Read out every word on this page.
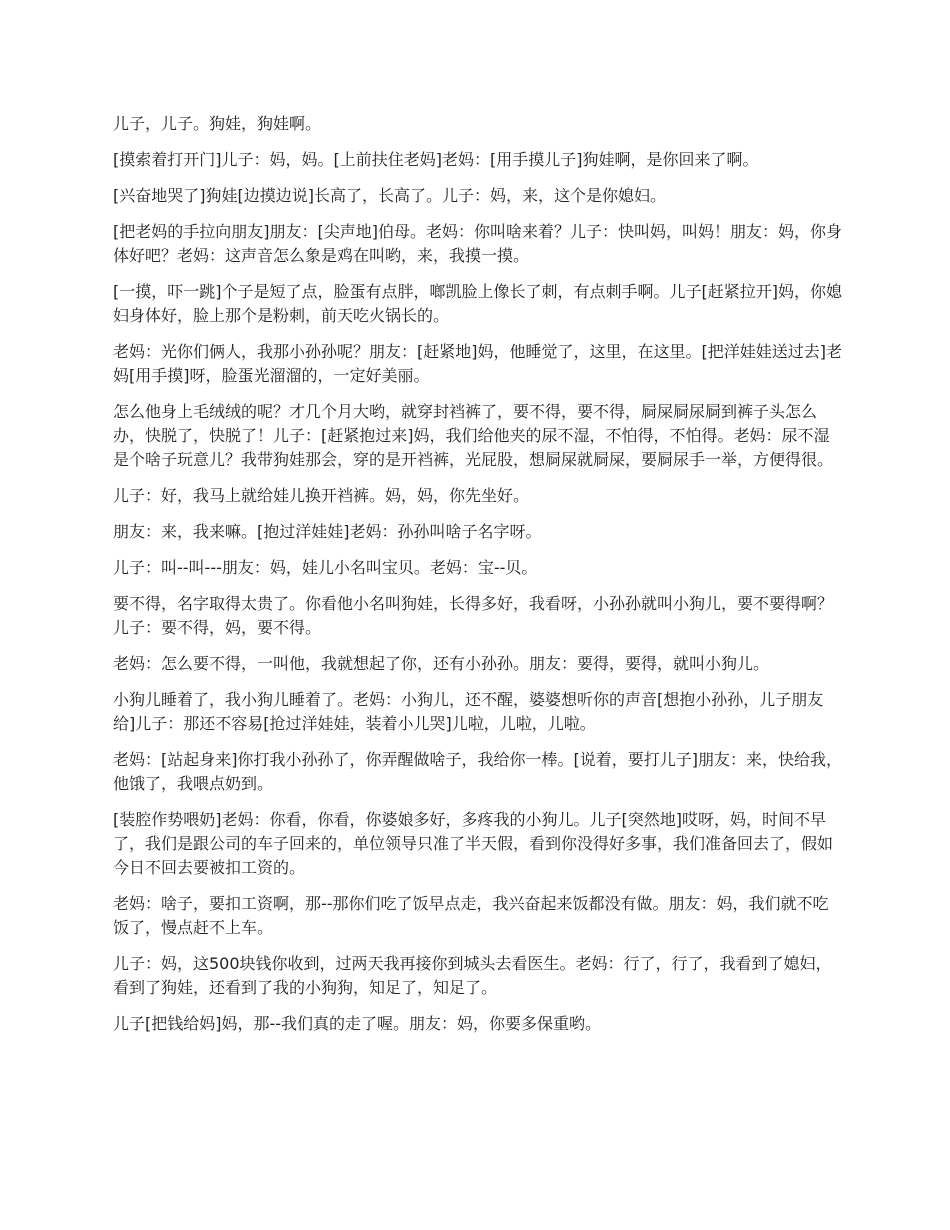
儿子，儿子。狗娃，狗娃啊。

[摸索着打开门]儿子：妈，妈。[上前扶住老妈]老妈：[用手摸儿子]狗娃啊，是你回来了啊。

[兴奋地哭了]狗娃[边摸边说]长高了，长高了。儿子：妈，来，这个是你媳妇。

[把老妈的手拉向朋友]朋友：[尖声地]伯母。老妈：你叫啥来着？儿子：快叫妈，叫妈！朋友：妈，你身体好吧？老妈：这声音怎么象是鸡在叫哟，来，我摸一摸。

[一摸，吓一跳]个子是短了点，脸蛋有点胖，啷凯脸上像长了刺，有点刺手啊。儿子[赶紧拉开]妈，你媳妇身体好，脸上那个是粉刺，前天吃火锅长的。

老妈：光你们俩人，我那小孙孙呢？朋友：[赶紧地]妈，他睡觉了，这里，在这里。[把洋娃娃送过去]老妈[用手摸]呀，脸蛋光溜溜的，一定好美丽。

怎么他身上毛绒绒的呢？才几个月大哟，就穿封裆裤了，要不得，要不得，屙屎屙尿屙到裤子头怎么办，快脱了，快脱了！儿子：[赶紧抱过来]妈，我们给他夹的尿不湿，不怕得，不怕得。老妈：尿不湿是个啥子玩意儿？我带狗娃那会，穿的是开裆裤，光屁股，想屙屎就屙屎，要屙尿手一举，方便得很。

儿子：好，我马上就给娃儿换开裆裤。妈，妈，你先坐好。

朋友：来，我来嘛。[抱过洋娃娃]老妈：孙孙叫啥子名字呀。

儿子：叫--叫---朋友：妈，娃儿小名叫宝贝。老妈：宝--贝。

要不得，名字取得太贵了。你看他小名叫狗娃，长得多好，我看呀，小孙孙就叫小狗儿，要不要得啊？儿子：要不得，妈，要不得。

老妈：怎么要不得，一叫他，我就想起了你，还有小孙孙。朋友：要得，要得，就叫小狗儿。

小狗儿睡着了，我小狗儿睡着了。老妈：小狗儿，还不醒，婆婆想听你的声音[想抱小孙孙，儿子朋友给]儿子：那还不容易[抢过洋娃娃，装着小儿哭]儿啦，儿啦，儿啦。

老妈：[站起身来]你打我小孙孙了，你弄醒做啥子，我给你一棒。[说着，要打儿子]朋友：来，快给我，他饿了，我喂点奶到。

[装腔作势喂奶]老妈：你看，你看，你婆娘多好，多疼我的小狗儿。儿子[突然地]哎呀，妈，时间不早了，我们是跟公司的车子回来的，单位领导只准了半天假，看到你没得好多事，我们准备回去了，假如今日不回去要被扣工资的。

老妈：啥子，要扣工资啊，那--那你们吃了饭早点走，我兴奋起来饭都没有做。朋友：妈，我们就不吃饭了，慢点赶不上车。

儿子：妈，这500块钱你收到，过两天我再接你到城头去看医生。老妈：行了，行了，我看到了媳妇，看到了狗娃，还看到了我的小狗狗，知足了，知足了。

儿子[把钱给妈]妈，那--我们真的走了喔。朋友：妈，你要多保重哟。
